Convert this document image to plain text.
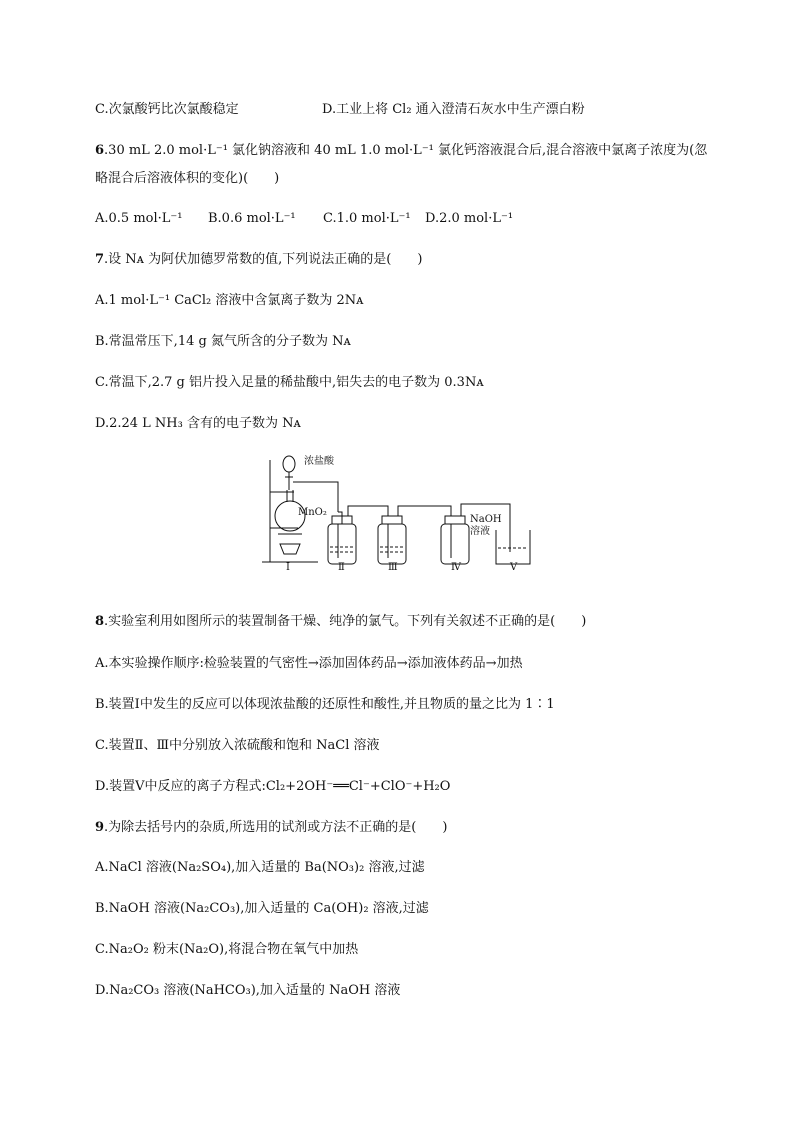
C.次氯酸钙比次氯酸稳定	D.工业上将 Cl₂ 通入澄清石灰水中生产漂白粉
6.30 mL 2.0 mol·L⁻¹ 氯化钠溶液和 40 mL 1.0 mol·L⁻¹ 氯化钙溶液混合后,混合溶液中氯离子浓度为(忽
略混合后溶液体积的变化)(　　)
A.0.5 mol·L⁻¹ B.0.6 mol·L⁻¹ C.1.0 mol·L⁻¹ D.2.0 mol·L⁻¹
7.设 Nᴀ 为阿伏加德罗常数的值,下列说法正确的是(　　)
A.1 mol·L⁻¹ CaCl₂ 溶液中含氯离子数为 2Nᴀ
B.常温常压下,14 g 氮气所含的分子数为 Nᴀ
C.常温下,2.7 g 铝片投入足量的稀盐酸中,铝失去的电子数为 0.3Nᴀ
D.2.24 L NH₃ 含有的电子数为 Nᴀ
浓盐酸
MnO₂
NaOH
溶液
Ⅰ	Ⅱ	Ⅲ	Ⅳ	Ⅴ
8.实验室利用如图所示的装置制备干燥、纯净的氯气。下列有关叙述不正确的是(　　)
A.本实验操作顺序:检验装置的气密性→添加固体药品→添加液体药品→加热
B.装置Ⅰ中发生的反应可以体现浓盐酸的还原性和酸性,并且物质的量之比为 1∶1
C.装置Ⅱ、Ⅲ中分别放入浓硫酸和饱和 NaCl 溶液
D.装置Ⅴ中反应的离子方程式:Cl₂+2OH⁻══Cl⁻+ClO⁻+H₂O
9.为除去括号内的杂质,所选用的试剂或方法不正确的是(　　)
A.NaCl 溶液(Na₂SO₄),加入适量的 Ba(NO₃)₂ 溶液,过滤
B.NaOH 溶液(Na₂CO₃),加入适量的 Ca(OH)₂ 溶液,过滤
C.Na₂O₂ 粉末(Na₂O),将混合物在氧气中加热
D.Na₂CO₃ 溶液(NaHCO₃),加入适量的 NaOH 溶液
